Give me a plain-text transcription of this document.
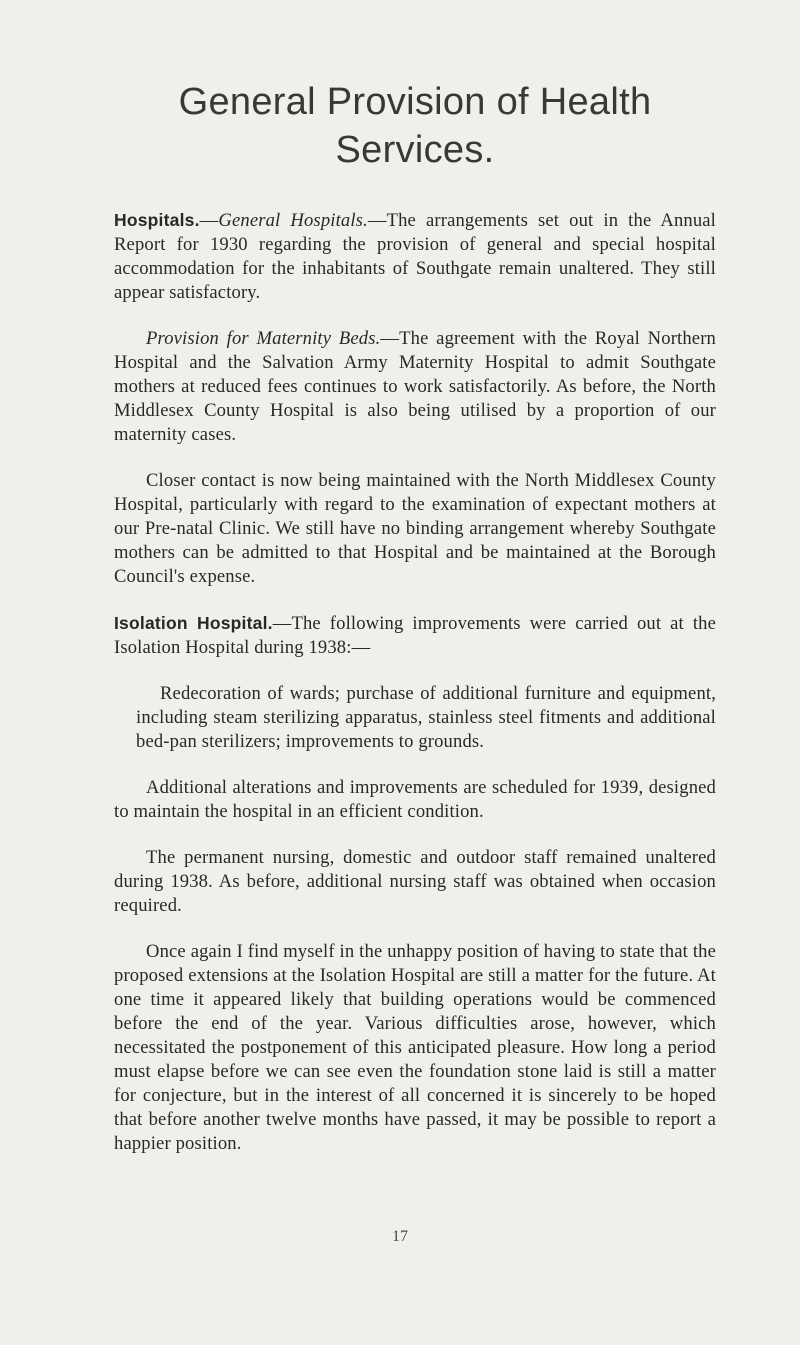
General Provision of Health
Services.

Hospitals.—General Hospitals.—The arrangements set out in the Annual Report for 1930 regarding the provision of general and special hospital accommodation for the inhabitants of Southgate remain unaltered. They still appear satisfactory.

Provision for Maternity Beds.—The agreement with the Royal Northern Hospital and the Salvation Army Maternity Hospital to admit Southgate mothers at reduced fees continues to work satisfactorily. As before, the North Middlesex County Hospital is also being utilised by a proportion of our maternity cases.

Closer contact is now being maintained with the North Middlesex County Hospital, particularly with regard to the examination of expectant mothers at our Pre-natal Clinic. We still have no binding arrangement whereby Southgate mothers can be admitted to that Hospital and be maintained at the Borough Council's expense.

Isolation Hospital.—The following improvements were carried out at the Isolation Hospital during 1938:—

Redecoration of wards; purchase of additional furniture and equipment, including steam sterilizing apparatus, stainless steel fitments and additional bed-pan sterilizers; improvements to grounds.

Additional alterations and improvements are scheduled for 1939, designed to maintain the hospital in an efficient condition.

The permanent nursing, domestic and outdoor staff remained unaltered during 1938. As before, additional nursing staff was obtained when occasion required.

Once again I find myself in the unhappy position of having to state that the proposed extensions at the Isolation Hospital are still a matter for the future. At one time it appeared likely that building operations would be commenced before the end of the year. Various difficulties arose, however, which necessitated the postponement of this anticipated pleasure. How long a period must elapse before we can see even the foundation stone laid is still a matter for conjecture, but in the interest of all concerned it is sincerely to be hoped that before another twelve months have passed, it may be possible to report a happier position.

17
